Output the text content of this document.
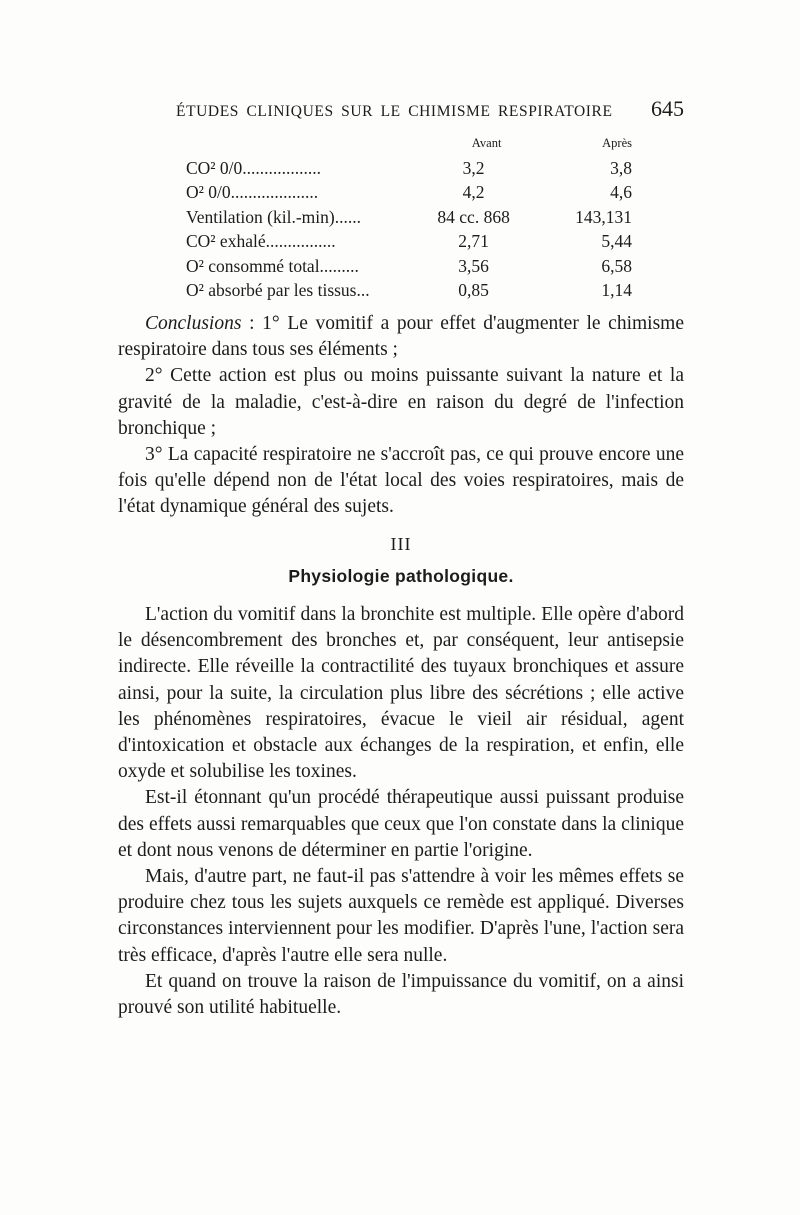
ÉTUDES CLINIQUES SUR LE CHIMISME RESPIRATOIRE 645
	Avant	Après
CO² 0/0..................	3,2	3,8
O² 0/0....................	4,2	4,6
Ventilation (kil.-min)......	84 cc. 868	143,131
CO² exhalé................	2,71	5,44
O² consommé total.........	3,56	6,58
O² absorbé par les tissus...	0,85	1,14

Conclusions : 1° Le vomitif a pour effet d'augmenter le chimisme respiratoire dans tous ses éléments ;

2° Cette action est plus ou moins puissante suivant la nature et la gravité de la maladie, c'est-à-dire en raison du degré de l'infection bronchique ;

3° La capacité respiratoire ne s'accroît pas, ce qui prouve encore une fois qu'elle dépend non de l'état local des voies respiratoires, mais de l'état dynamique général des sujets.

III
Physiologie pathologique.

L'action du vomitif dans la bronchite est multiple. Elle opère d'abord le désencombrement des bronches et, par conséquent, leur antisepsie indirecte. Elle réveille la contractilité des tuyaux bronchiques et assure ainsi, pour la suite, la circulation plus libre des sécrétions ; elle active les phénomènes respiratoires, évacue le vieil air résidual, agent d'intoxication et obstacle aux échanges de la respiration, et enfin, elle oxyde et solubilise les toxines.

Est-il étonnant qu'un procédé thérapeutique aussi puissant produise des effets aussi remarquables que ceux que l'on constate dans la clinique et dont nous venons de déterminer en partie l'origine.

Mais, d'autre part, ne faut-il pas s'attendre à voir les mêmes effets se produire chez tous les sujets auxquels ce remède est appliqué. Diverses circonstances interviennent pour les modifier. D'après l'une, l'action sera très efficace, d'après l'autre elle sera nulle.

Et quand on trouve la raison de l'impuissance du vomitif, on a ainsi prouvé son utilité habituelle.
